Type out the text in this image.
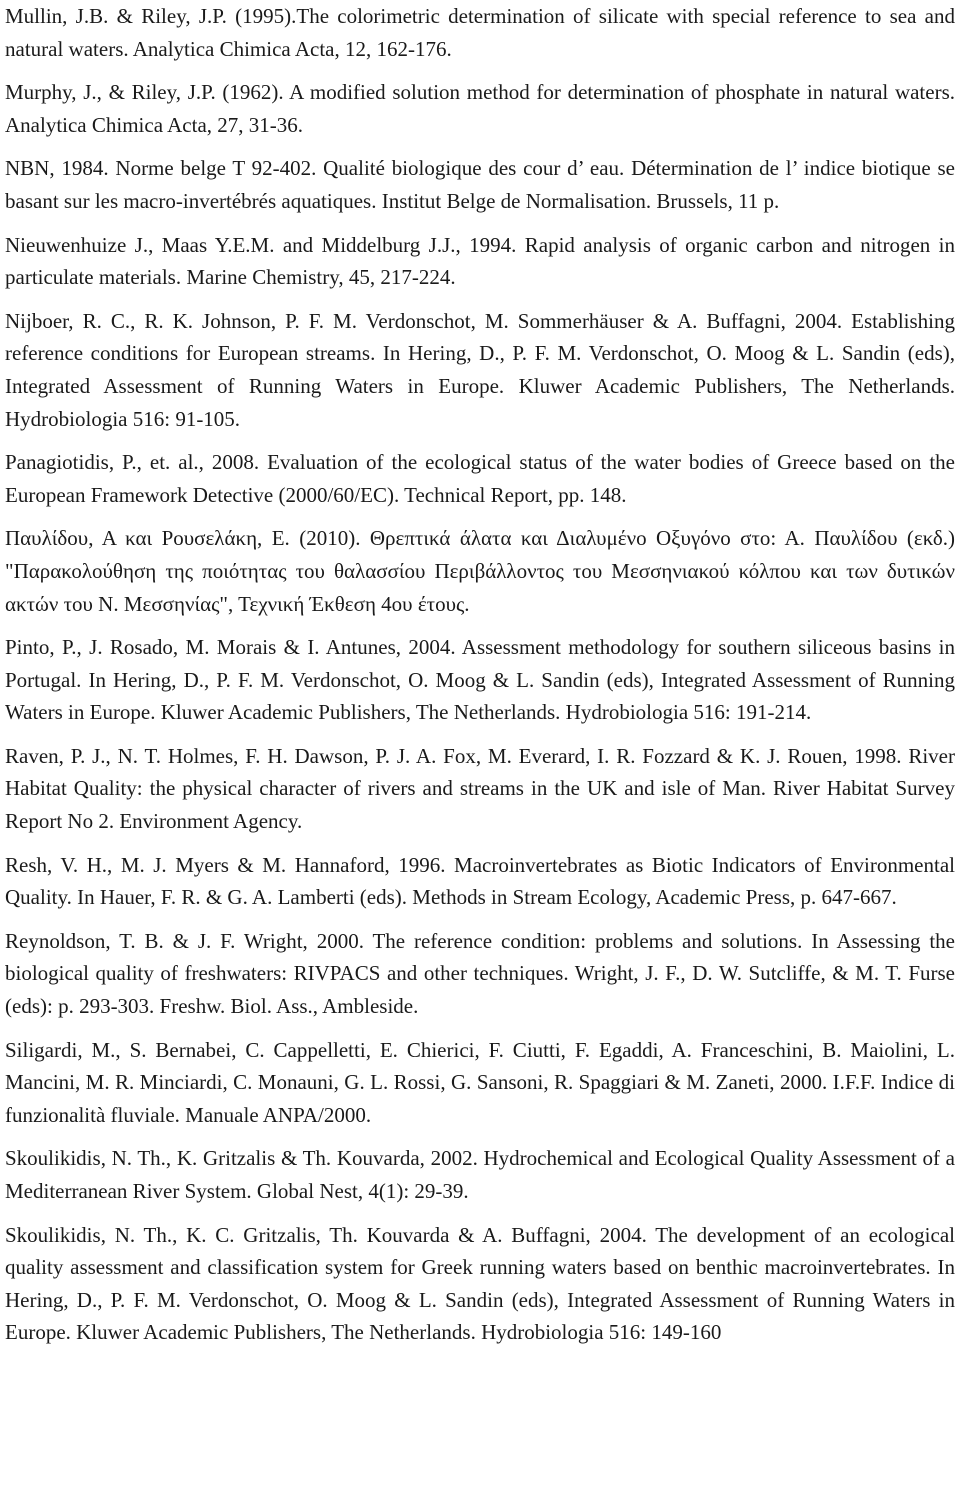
Mullin, J.B. & Riley, J.P. (1995).The colorimetric determination of silicate with special reference to sea and natural waters. Analytica Chimica Acta, 12, 162-176.

Murphy, J., & Riley, J.P. (1962). A modified solution method for determination of phosphate in natural waters. Analytica Chimica Acta, 27, 31-36.

NBN, 1984. Norme belge T 92-402. Qualité biologique des cour d’ eau. Détermination de l’ indice biotique se basant sur les macro-invertébrés aquatiques. Institut Belge de Normalisation. Brussels, 11 p.

Nieuwenhuize J., Maas Y.E.M. and Middelburg J.J., 1994. Rapid analysis of organic carbon and nitrogen in particulate materials. Marine Chemistry, 45, 217-224.

Nijboer, R. C., R. K. Johnson, P. F. M. Verdonschot, M. Sommerhäuser & A. Buffagni, 2004. Establishing reference conditions for European streams. In Hering, D., P. F. M. Verdonschot, O. Moog & L. Sandin (eds), Integrated Assessment of Running Waters in Europe. Kluwer Academic Publishers, The Netherlands. Hydrobiologia 516: 91-105.

Panagiotidis, P., et. al., 2008. Evaluation of the ecological status of the water bodies of Greece based on the European Framework Detective (2000/60/EC). Technical Report, pp. 148.

Παυλίδου, Α και Ρουσελάκη, Ε. (2010). Θρεπτικά άλατα και Διαλυμένο Οξυγόνο στο: Α. Παυλίδου (εκδ.) "Παρακολούθηση της ποιότητας του θαλασσίου Περιβάλλοντος του Μεσσηνιακού κόλπου και των δυτικών ακτών του Ν. Μεσσηνίας", Τεχνική Έκθεση 4ου έτους.

Pinto, P., J. Rosado, M. Morais & I. Antunes, 2004. Assessment methodology for southern siliceous basins in Portugal. In Hering, D., P. F. M. Verdonschot, O. Moog & L. Sandin (eds), Integrated Assessment of Running Waters in Europe. Kluwer Academic Publishers, The Netherlands. Hydrobiologia 516: 191-214.

Raven, P. J., N. T. Holmes, F. H. Dawson, P. J. A. Fox, M. Everard, I. R. Fozzard & K. J. Rouen, 1998. River Habitat Quality: the physical character of rivers and streams in the UK and isle of Man. River Habitat Survey Report No 2. Environment Agency.

Resh, V. H., M. J. Myers & M. Hannaford, 1996. Macroinvertebrates as Biotic Indicators of Environmental Quality. In Hauer, F. R. & G. A. Lamberti (eds). Methods in Stream Ecology, Academic Press, p. 647-667.

Reynoldson, T. B. & J. F. Wright, 2000. The reference condition: problems and solutions. In Assessing the biological quality of freshwaters: RIVPACS and other techniques. Wright, J. F., D. W. Sutcliffe, & M. T. Furse (eds): p. 293-303. Freshw. Biol. Ass., Ambleside.

Siligardi, M., S. Bernabei, C. Cappelletti, E. Chierici, F. Ciutti, F. Egaddi, A. Franceschini, B. Maiolini, L. Mancini, M. R. Minciardi, C. Monauni, G. L. Rossi, G. Sansoni, R. Spaggiari & M. Zaneti, 2000. I.F.F. Indice di funzionalità fluviale. Manuale ANPA/2000.

Skoulikidis, N. Th., K. Gritzalis & Th. Kouvarda, 2002. Hydrochemical and Ecological Quality Assessment of a Mediterranean River System. Global Nest, 4(1): 29-39.

Skoulikidis, N. Th., K. C. Gritzalis, Th. Kouvarda & A. Buffagni, 2004. The development of an ecological quality assessment and classification system for Greek running waters based on benthic macroinvertebrates. In Hering, D., P. F. M. Verdonschot, O. Moog & L. Sandin (eds), Integrated Assessment of Running Waters in Europe. Kluwer Academic Publishers, The Netherlands. Hydrobiologia 516: 149-160
